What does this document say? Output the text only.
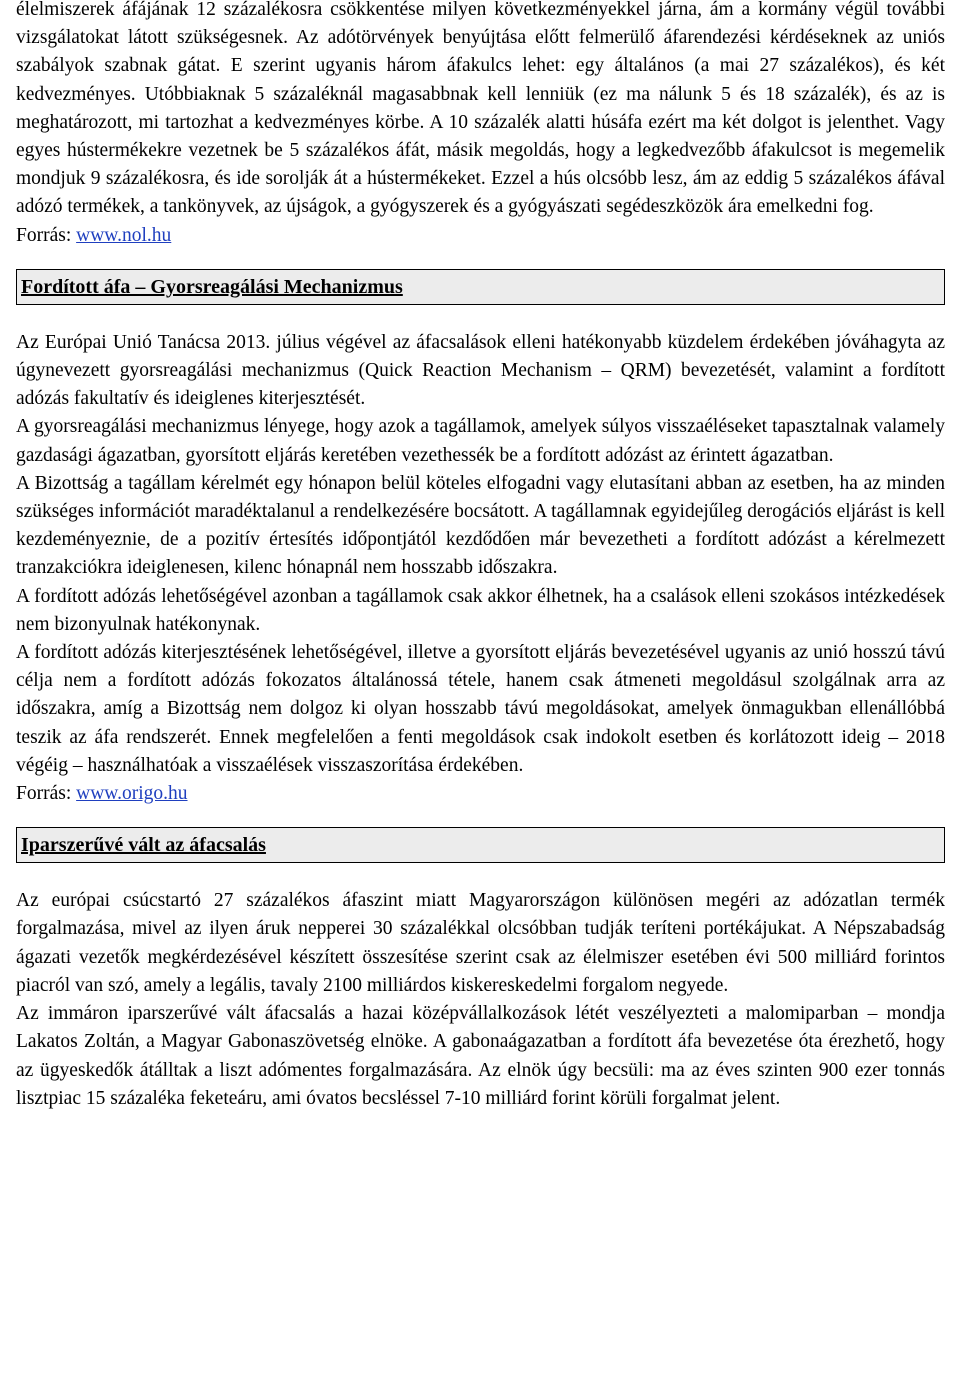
élelmiszerek áfájának 12 százalékosra csökkentése milyen következményekkel járna, ám a kormány végül további vizsgálatokat látott szükségesnek. Az adótörvények benyújtása előtt felmerülő áfarendezési kérdéseknek az uniós szabályok szabnak gátat. E szerint ugyanis három áfakulcs lehet: egy általános (a mai 27 százalékos), és két kedvezményes. Utóbbiaknak 5 százaléknál magasabbnak kell lenniük (ez ma nálunk 5 és 18 százalék), és az is meghatározott, mi tartozhat a kedvezményes körbe. A 10 százalék alatti húsáfa ezért ma két dolgot is jelenthet. Vagy egyes hústermékekre vezetnek be 5 százalékos áfát, másik megoldás, hogy a legkedvezőbb áfakulcsot is megemelik mondjuk 9 százalékosra, és ide sorolják át a hústermékeket. Ezzel a hús olcsóbb lesz, ám az eddig 5 százalékos áfával adózó termékek, a tankönyvek, az újságok, a gyógyszerek és a gyógyászati segédeszközök ára emelkedni fog.

Forrás: www.nol.hu

Fordított áfa – Gyorsreagálási Mechanizmus

Az Európai Unió Tanácsa 2013. július végével az áfacsalások elleni hatékonyabb küzdelem érdekében jóváhagyta az úgynevezett gyorsreagálási mechanizmus (Quick Reaction Mechanism – QRM) bevezetését, valamint a fordított adózás fakultatív és ideiglenes kiterjesztését.

A gyorsreagálási mechanizmus lényege, hogy azok a tagállamok, amelyek súlyos visszaéléseket tapasztalnak valamely gazdasági ágazatban, gyorsított eljárás keretében vezethessék be a fordított adózást az érintett ágazatban.

A Bizottság a tagállam kérelmét egy hónapon belül köteles elfogadni vagy elutasítani abban az esetben, ha az minden szükséges információt maradéktalanul a rendelkezésére bocsátott. A tagállamnak egyidejűleg derogációs eljárást is kell kezdeményeznie, de a pozitív értesítés időpontjától kezdődően már bevezetheti a fordított adózást a kérelmezett tranzakciókra ideiglenesen, kilenc hónapnál nem hosszabb időszakra.

A fordított adózás lehetőségével azonban a tagállamok csak akkor élhetnek, ha a csalások elleni szokásos intézkedések nem bizonyulnak hatékonynak.

A fordított adózás kiterjesztésének lehetőségével, illetve a gyorsított eljárás bevezetésével ugyanis az unió hosszú távú célja nem a fordított adózás fokozatos általánossá tétele, hanem csak átmeneti megoldásul szolgálnak arra az időszakra, amíg a Bizottság nem dolgoz ki olyan hosszabb távú megoldásokat, amelyek önmagukban ellenállóbbá teszik az áfa rendszerét. Ennek megfelelően a fenti megoldások csak indokolt esetben és korlátozott ideig – 2018 végéig – használhatóak a visszaélések visszaszorítása érdekében.

Forrás: www.origo.hu

Iparszerűvé vált az áfacsalás

Az európai csúcstartó 27 százalékos áfaszint miatt Magyarországon különösen megéri az adózatlan termék forgalmazása, mivel az ilyen áruk nepperei 30 százalékkal olcsóbban tudják teríteni portékájukat. A Népszabadság ágazati vezetők megkérdezésével készített összesítése szerint csak az élelmiszer esetében évi 500 milliárd forintos piacról van szó, amely a legális, tavaly 2100 milliárdos kiskereskedelmi forgalom negyede.

Az immáron iparszerűvé vált áfacsalás a hazai középvállalkozások létét veszélyezteti a malomiparban – mondja Lakatos Zoltán, a Magyar Gabonaszövetség elnöke. A gabonaágazatban a fordított áfa bevezetése óta érezhető, hogy az ügyeskedők átálltak a liszt adómentes forgalmazására. Az elnök úgy becsüli: ma az éves szinten 900 ezer tonnás lisztpiac 15 százaléka feketeáru, ami óvatos becsléssel 7-10 milliárd forint körüli forgalmat jelent.
